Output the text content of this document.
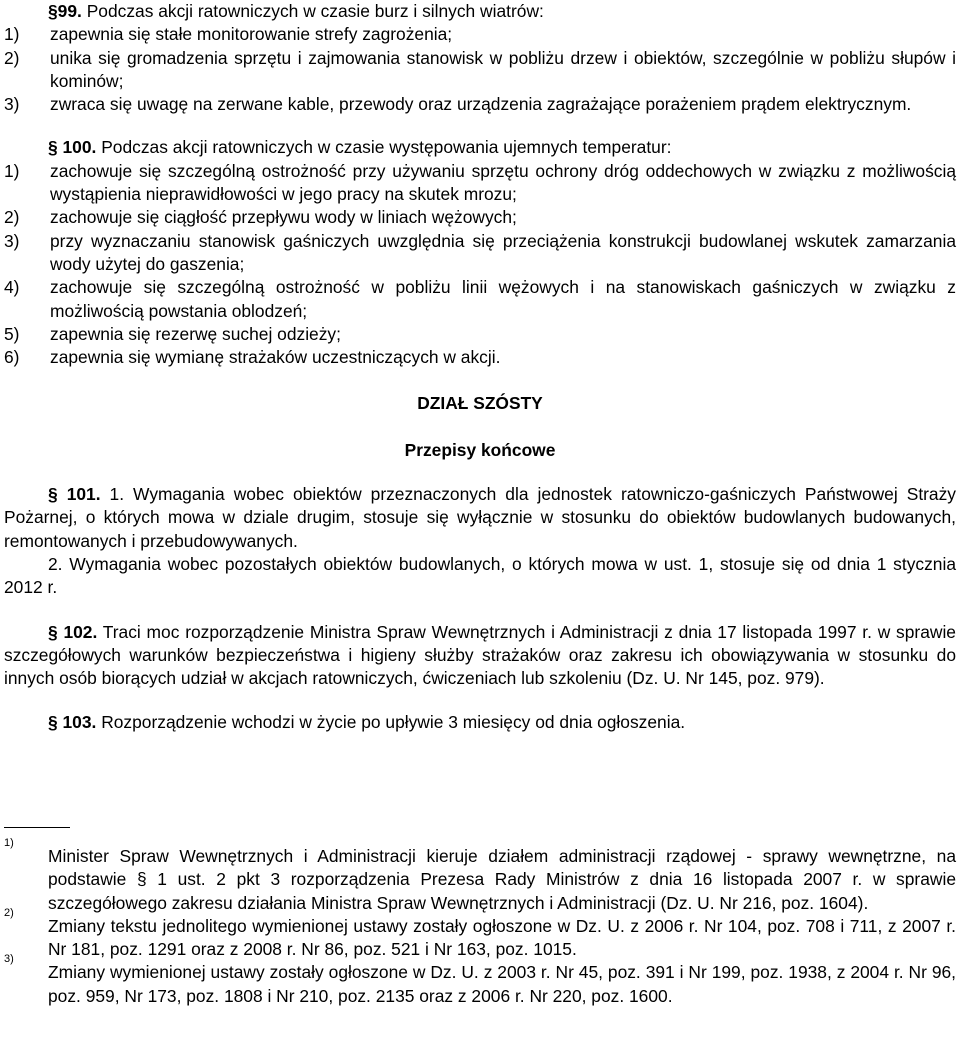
§99. Podczas akcji ratowniczych w czasie burz i silnych wiatrów:

1) zapewnia się stałe monitorowanie strefy zagrożenia;

2) unika się gromadzenia sprzętu i zajmowania stanowisk w pobliżu drzew i obiektów, szczególnie w pobliżu słupów i kominów;

3) zwraca się uwagę na zerwane kable, przewody oraz urządzenia zagrażające porażeniem prądem elektrycznym.

§ 100. Podczas akcji ratowniczych w czasie występowania ujemnych temperatur:

1) zachowuje się szczególną ostrożność przy używaniu sprzętu ochrony dróg oddechowych w związku z możliwością wystąpienia nieprawidłowości w jego pracy na skutek mrozu;

2) zachowuje się ciągłość przepływu wody w liniach wężowych;

3) przy wyznaczaniu stanowisk gaśniczych uwzględnia się przeciążenia konstrukcji budowlanej wskutek zamarzania wody użytej do gaszenia;

4) zachowuje się szczególną ostrożność w pobliżu linii wężowych i na stanowiskach gaśniczych w związku z możliwością powstania oblodzeń;

5) zapewnia się rezerwę suchej odzieży;

6) zapewnia się wymianę strażaków uczestniczących w akcji.

DZIAŁ SZÓSTY

Przepisy końcowe

§ 101. 1. Wymagania wobec obiektów przeznaczonych dla jednostek ratowniczo-gaśniczych Państwowej Straży Pożarnej, o których mowa w dziale drugim, stosuje się wyłącznie w stosunku do obiektów budowlanych budowanych, remontowanych i przebudowywanych.

2. Wymagania wobec pozostałych obiektów budowlanych, o których mowa w ust. 1, stosuje się od dnia 1 stycznia 2012 r.

§ 102. Traci moc rozporządzenie Ministra Spraw Wewnętrznych i Administracji z dnia 17 listopada 1997 r. w sprawie szczegółowych warunków bezpieczeństwa i higieny służby strażaków oraz zakresu ich obowiązywania w stosunku do innych osób biorących udział w akcjach ratowniczych, ćwiczeniach lub szkoleniu (Dz. U. Nr 145, poz. 979).

§ 103. Rozporządzenie wchodzi w życie po upływie 3 miesięcy od dnia ogłoszenia.

1)
Minister Spraw Wewnętrznych i Administracji kieruje działem administracji rządowej - sprawy wewnętrzne, na podstawie § 1 ust. 2 pkt 3 rozporządzenia Prezesa Rady Ministrów z dnia 16 listopada 2007 r. w sprawie szczegółowego zakresu działania Ministra Spraw Wewnętrznych i Administracji (Dz. U. Nr 216, poz. 1604).
2)
Zmiany tekstu jednolitego wymienionej ustawy zostały ogłoszone w Dz. U. z 2006 r. Nr 104, poz. 708 i 711, z 2007 r. Nr 181, poz. 1291 oraz z 2008 r. Nr 86, poz. 521 i Nr 163, poz. 1015.
3)
Zmiany wymienionej ustawy zostały ogłoszone w Dz. U. z 2003 r. Nr 45, poz. 391 i Nr 199, poz. 1938, z 2004 r. Nr 96, poz. 959, Nr 173, poz. 1808 i Nr 210, poz. 2135 oraz z 2006 r. Nr 220, poz. 1600.
